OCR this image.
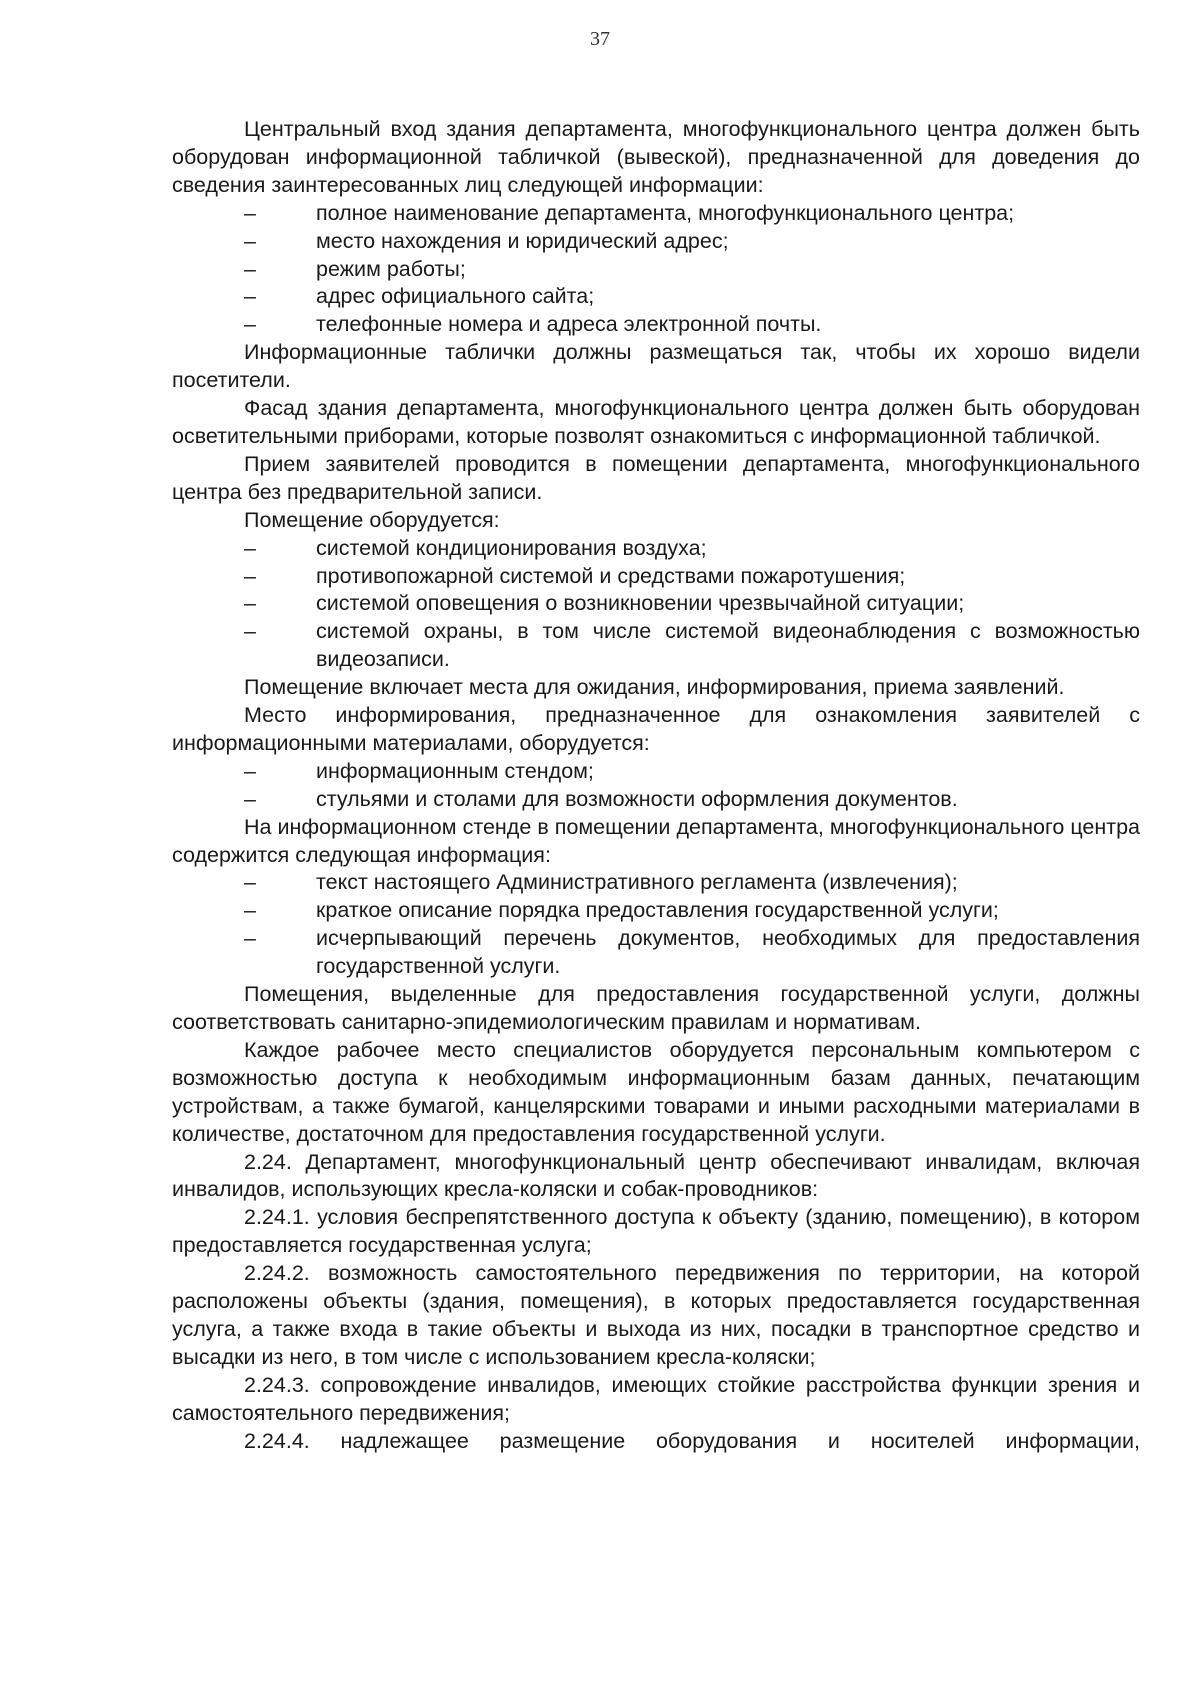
37

Центральный вход здания департамента, многофункционального центра должен быть оборудован информационной табличкой (вывеской), предназначенной для доведения до сведения заинтересованных лиц следующей информации:

–	полное наименование департамента, многофункционального центра;

–	место нахождения и юридический адрес;

–	режим работы;

–	адрес официального сайта;

–	телефонные номера и адреса электронной почты.

Информационные таблички должны размещаться так, чтобы их хорошо видели посетители.

Фасад здания департамента, многофункционального центра должен быть оборудован осветительными приборами, которые позволят ознакомиться с информационной табличкой.

Прием заявителей проводится в помещении департамента, многофункционального центра без предварительной записи.

Помещение оборудуется:

–	системой кондиционирования воздуха;

–	противопожарной системой и средствами пожаротушения;

–	системой оповещения о возникновении чрезвычайной ситуации;

–	системой охраны, в том числе системой видеонаблюдения с возможностью видеозаписи.

Помещение включает места для ожидания, информирования, приема заявлений.

Место информирования, предназначенное для ознакомления заявителей с информационными материалами, оборудуется:

–	информационным стендом;

–	стульями и столами для возможности оформления документов.

На информационном стенде в помещении департамента, многофункционального центра содержится следующая информация:

–	текст настоящего Административного регламента (извлечения);

–	краткое описание порядка предоставления государственной услуги;

–	исчерпывающий перечень документов, необходимых для предоставления государственной услуги.

Помещения, выделенные для предоставления государственной услуги, должны соответствовать санитарно-эпидемиологическим правилам и нормативам.

Каждое рабочее место специалистов оборудуется персональным компьютером с возможностью доступа к необходимым информационным базам данных, печатающим устройствам, а также бумагой, канцелярскими товарами и иными расходными материалами в количестве, достаточном для предоставления государственной услуги.

2.24. Департамент, многофункциональный центр обеспечивают инвалидам, включая инвалидов, использующих кресла-коляски и собак-проводников:

2.24.1. условия беспрепятственного доступа к объекту (зданию, помещению), в котором предоставляется государственная услуга;

2.24.2. возможность самостоятельного передвижения по территории, на которой расположены объекты (здания, помещения), в которых предоставляется государственная услуга, а также входа в такие объекты и выхода из них, посадки в транспортное средство и высадки из него, в том числе с использованием кресла-коляски;

2.24.3. сопровождение инвалидов, имеющих стойкие расстройства функции зрения и самостоятельного передвижения;

2.24.4. надлежащее размещение оборудования и носителей информации,
